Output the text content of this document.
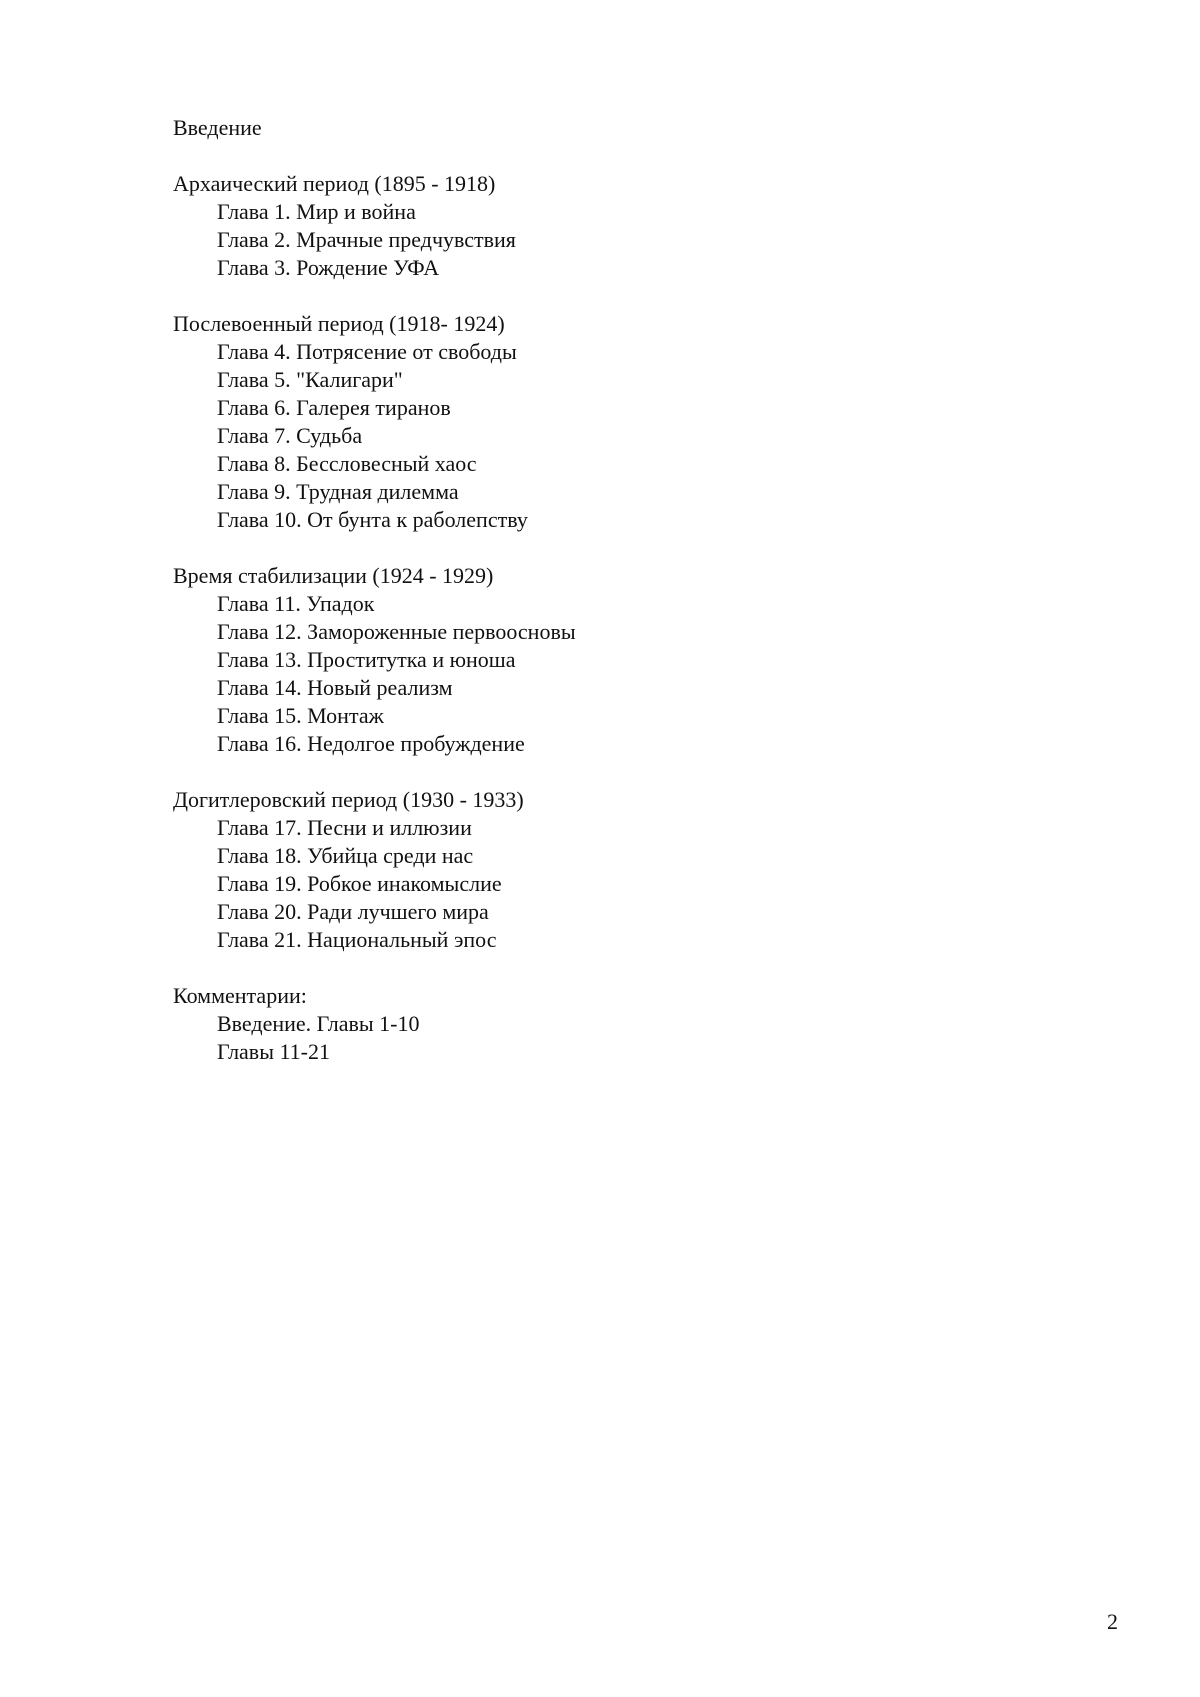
Введение
Архаический период (1895 - 1918)
Глава 1. Мир и война
Глава 2. Мрачные предчувствия
Глава 3. Рождение УФА
Послевоенный период (1918- 1924)
Глава 4. Потрясение от свободы
Глава 5. "Калигари"
Глава 6. Галерея тиранов
Глава 7. Судьба
Глава 8. Бессловесный хаос
Глава 9. Трудная дилемма
Глава 10. От бунта к раболепству
Время стабилизации (1924 - 1929)
Глава 11. Упадок
Глава 12. Замороженные первоосновы
Глава 13. Проститутка и юноша
Глава 14. Новый реализм
Глава 15. Монтаж
Глава 16. Недолгое пробуждение
Догитлеровский период (1930 - 1933)
Глава 17. Песни и иллюзии
Глава 18. Убийца среди нас
Глава 19. Робкое инакомыслие
Глава 20. Ради лучшего мира
Глава 21. Национальный эпос
Комментарии:
Введение. Главы 1-10
Главы 11-21
2
